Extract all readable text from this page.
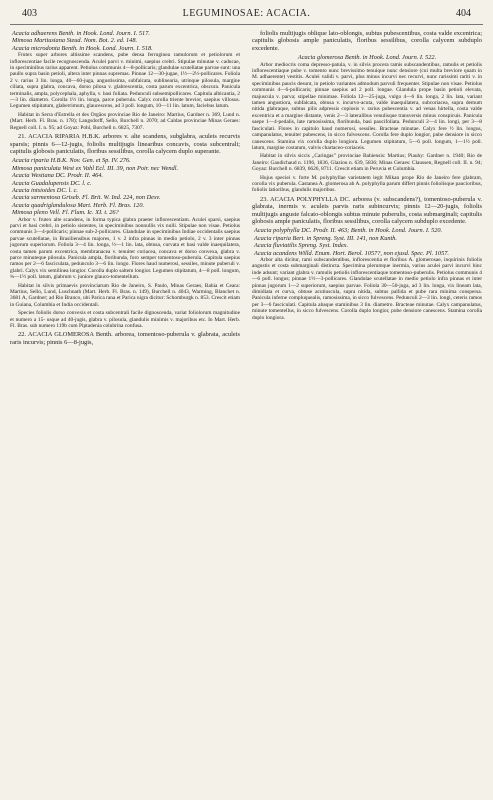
403	LEGUMINOSAE: ACACIA.	404

Acacia adhaerens Benth. in Hook. Lond. Journ. I. 517.

Mimosa Martiusiana Steud. Nom. Bot. 2. ed. 148.

Acacia microdonta Benth. in Hook. Lond. Journ. I. 518.

Frutex super arbores altissime scandens, pube densa ferruginea ramulorum et petiolorum et inflorescentiae facile recognoscenda. Aculei parvi v. minimi, saepius crebri. Stipulae minutae v. caducae, in speciminibus rarius apparent. Petiolus communis 4—8-pollicaris; glandulae scutellatae parvae sunt: una paullo supra basin petioli, altera inter pinnas supremas. Pinnae 12—30-jugae, 1½—2½-pollicares. Foliola 2 v. rarius 3 lin. longa, 40—60-juga, angustissima, subfalcata, sublinearia, utrinque pilosula, margine ciliata, supra glabra, concava, dorso pilosa v. glabrescentia, costa parum excentrica, obscura. Panicula terminalis, ampla, polycephala, aphylla, v. basi foliata. Pedunculi subsemipollicares. Capitula albicantia, 2—3 lin. diametro. Corolla 1½ lin. longa, parce puberula. Calyx corolla triente brevior, saepius villosus. Legumen stipitatum, glaberrimum, glaucescens, ad 3 poll. longum, 10—11 lin. latum, faciebus latum.

Habitat in Serra d'Estrella et des Orgãos provinciae Rio de Janeiro: Martius, Gardner n. 369, Lund n. (Mart. Herb. Fl. Bras. n. 178); Langsdorff, Sello, Burchell n. 2070; ad Caldas provinciae Minas Geraes: Regnell coll. I. n. 95; ad Goyaz: Pohl, Burchell n. 6825, 7307.

21. ACACIA RIPARIA H.B.K. arbores v. alte scandens, subglabra, aculeis recurvis sparsis; pinnis 6—12-jugis, foliolis multijugis linearibus concavis, costa subcentrali; capitulis globosis paniculatis, floribus sessilibus, corolla calycem duplo superante.

Acacia riparia H.B.K. Nov. Gen. et Sp. IV. 276.

Mimosa paniculata West ex Vahl Ecl. III. 39, non Poir. nec Wendl.

Acacia Westiana DC. Prodr. II. 464.

Acacia Guadalupensis DC. l. c.

Acacia intsioides DC. l. c.

Acacia sarmentosa Griseb. Fl. Brit. W. Ind. 224, non Desv.

Acacia quadriglandulosa Mart. Herb. Fl. Bras. 120.

Mimosa pleno Vell. Fl. Flum. Ic. XI. t. 26?

Arbor v. frutex alte scandens, in forma typica glabra praeter inflorescentiam. Aculei sparsi, saepius parvi et basi crebri, in petiolo sistentes, in speciminibus nonnullis vix nulli. Stipulae non visae. Petiolus communis 3—4-pollicaris; pinnae sub-2-pollicares. Glandulae in speciminibus Indiae occidentalis saepius parvae scutellatae, in Brasiliensibus majores, 1 v. 2 infra pinnas in medio petiolo, 2 v. 3 inter pinnas jugorum superiorum. Foliola 3—4 lin. longa, ½—1 lin. lata, obtusa, curvata et basi valde inaequilatera, costa tamen parum excentrica, membranacea v. tenuiter coriacea, concava et dorso convexa, glabra v. parce minuteque pilosula. Panicula ampla, floribunda, foro semper tomentoso-puberula. Capitula saepius ramos per 2—6 fasciculata, pedunculo 3—6 lin. longo. Flores haud numerosi, sessiles, minute puberuli v. glabri. Calyx vix semilinea longior. Corolla duplo saltem longior. Legumen stipitatum, 4—8 poll. longum, ¾—1½ poll. latum, glabrum v. juniore glauco-tomentellum.

Habitat in silvis primaevis provinciarum Rio de Janeiro, S. Paulo, Minas Geraes, Bahia et Ceara: Martius, Sello, Lund, Luschnath (Mart. Herb. Fl. Bras. n. 149), Burchell n. 4043, Warming, Blanchet n. 3681 A, Gardner; ad Rio Branco, ubi Parica rana et Parica nigra dicitur: Schomburgk n. 853. Crescit etiam in Guiana, Columbia et India occidentali.

Species foliolis dorso convexis et costa subcentrali facile dignoscenda, variat foliolorum magnitudine et numero a 15- usque ad 40-jugis, glabra v. pilosula, glandulis minimis v. majoribus etc. In Mart. Herb. Fl. Bras. sub numero 119b cum Piptadenia colubrina confusa.

22. ACACIA GLOMEROSA Benth. arborea, tomentoso-puberula v. glabrata, aculeis raris incurvis; pinnis 6—8-jugis,

foliolis multijugis oblique lato-oblongis, subtus pubescentibus, costa valde excentrica; capitulis globosis ample paniculatis, floribus sessilibus, corolla calycem subduplo excedente.

Acacia glomerosa Benth. in Hook. Lond. Journ. I. 522.

Arbor mediocris coma depresso-patula, v. in silvis procera ramis subscandentibus, ramulis et petiolis inflorescentiaque pube v. tomento nunc brevissimo tenuique nunc densiore (cui multa breviore quam in M. adhaerente) vestitis. Aculei validi v. parvi, plus minus incurvi nec recurvi, nunc rarissimi rariti v. in speciminibus paucis desunt, in petiolo variantes admodum parvuli frequenter. Stipulae non visae. Petiolus communis 4—6-pollicaris; pinnae saepius ad 2 poll. longae. Glandula prope basin petioli elevata, majuscula v. parva; stipellae minimae. Foliola 12—25-juga, vulgo 4—6 lin. longa, 2 lin. lata, variant tamen angustiora, subfalcata, obtusa v. incurvo-acuta, valde inaequilatera, subcoriacea, supra demum nitida glabraque, subtus pilis adpressis copiosis v. rarius pubescentia v. ad venas hirtella, costa valde excentrica et a margine distante, venis 2—3 lateralibus venulisque transversis minus conspicuis. Panicula saepe 1—4-pedalis, late ramosissima, floribunda, basi paucifoliata. Pedunculi 2—4 lin. longi, per 3—8 fasciculati. Flores in capitulo haud numerosi, sessiles. Bracteae minutae. Calyx fere ½ lin. longus, campanulatus, tenuiter pubescens, in sicco fulvescens. Corolla fere duplo longior, pube densiore in sicco canescens. Stamina vix corolla duplo longiora. Legumen stipitatum, 5—6 poll. longum, 1—1½ poll. latum, margine costatum, valvis chartaceo-coriaceis.

Habitat in silvis siccis „Caringas” provinciae Bahiensis: Martius; Piauhy: Gardner n. 1940; Rio de Janeiro: Gaudichaud n. 1196, 1836, Glaziou n. 639, 5836; Minas Geraes: Claussen, Regnell coll. II. n. 94; Goyaz: Burchell n. 6839, 6626, 8711. Crescit etiam in Peruvia et Columbia.

Hujus speciei v. forte M. polyphyllae varietatem legit Mikan prope Rio de Janeiro fere glabram, corolla vix puberula. Castanea A. glomerosa ab A. polyphylla parum differt pinnis foliolisque paucioribus, foliolis latioribus, glandulis majoribus.

23. ACACIA POLYPHYLLA DC. arborea (v. subscandens?), tomentoso-puberula v. glabrata, inermis v. aculeis parvis raris subincurvis; pinnis 12—20-jugis, foliolis multijugis anguste falcato-oblongis subtus minute puberulis, costa submarginali; capitulis globosis ample paniculatis, floribus sessilibus, corolla calycem subduplo excedente.

Acacia polyphylla DC. Prodr. II. 463; Benth. in Hook. Lond. Journ. I. 520.

Acacia riparia Bert. in Spreng. Syst. III. 141, non Kunth.

Acacia fluviatilis Spreng. Syst. Index.

Acacia acandens Willd. Enum. Hort. Berol. 1057?, non ejusd. Spec. Pl. 1057.

Arbor alta dicitur, rami subscandentibus, inflorescentia et floribus A. glomerosae, inquirinis foliolis angustis et costa submarginali distincta. Specimina plerumque inermia, varius aculei parvi incurvi hinc inde adsunt; variant glabra v. ramulis petiolis inflorescentiaque tomentoso-puberulis. Petiolus communis 4—6 poll. longus; pinnae 1½—3-pollicares. Glandulae scutellatae in medio petiolo infra pinnas et inter pinnas jugorum 1—2 superiorum, saepius parvae. Foliola 30—50-juga, ad 3 lin. longa, vix lineam lata, dimidiata et curva, obtuse acutiuscula, supra nitida, subtus pallida et pube rara minima conspersa. Panicula inferne compluquealis, ramosissima, in sicco fulvescens. Pedunculi 2—3 lin. longi, ceteris ramos per 3—6 fasciculati. Capitula abaque staminibus 3 lin. diametro. Bracteae minutae. Calyx campanulatus, minute tomentellus, in sicco fulvescens. Corolla duplo longior, pube densiore canescens. Stamina corolla duplo longiora.
